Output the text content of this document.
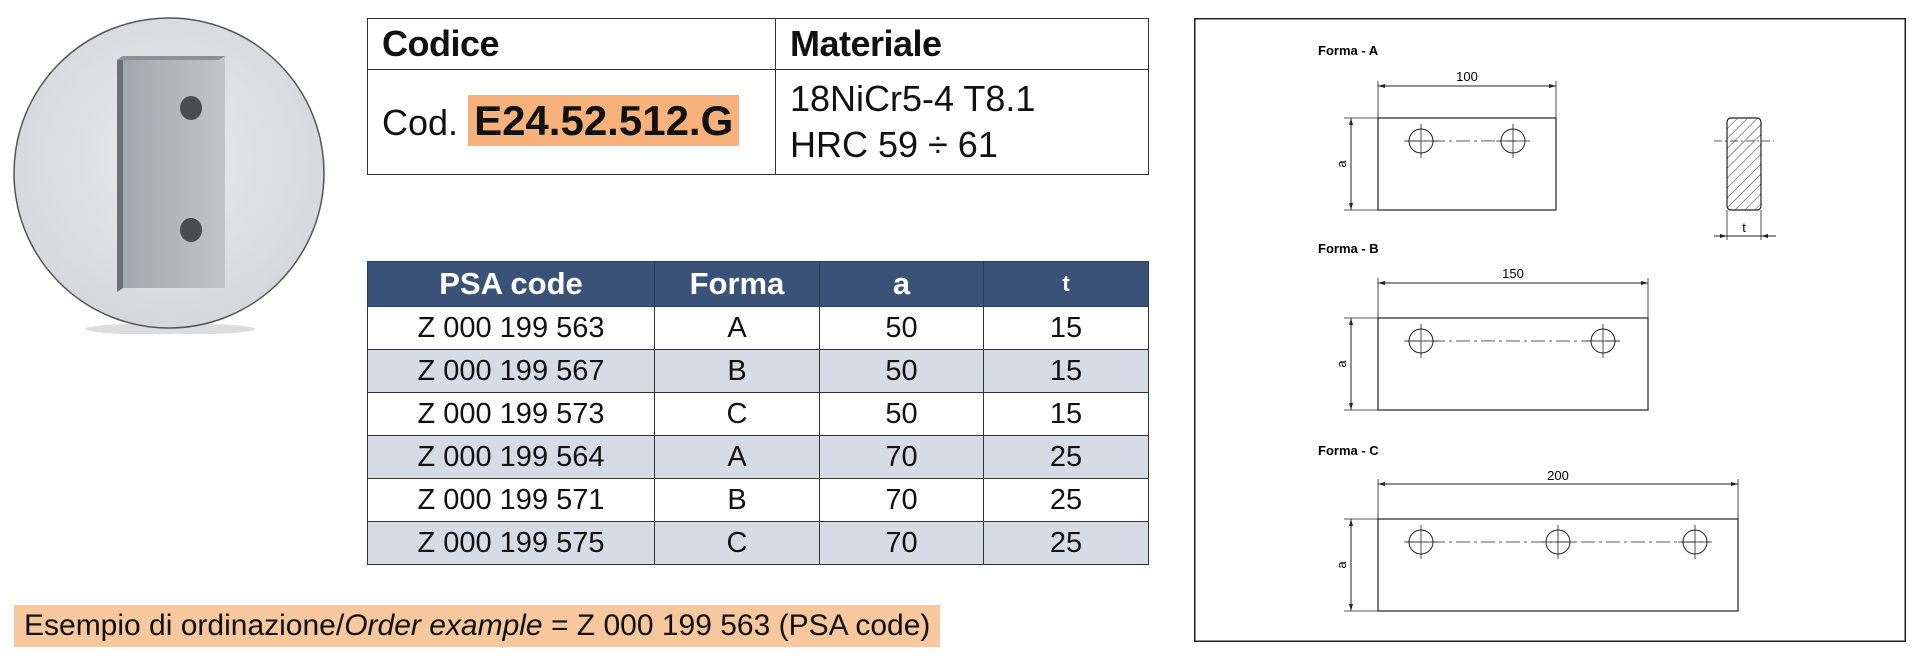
Codice	Materiale
Cod. E24.52.512.G	18NiCr5-4 T8.1
HRC 59 ÷ 61
PSA code	Forma	a	t
Z 000 199 563	A	50	15
Z 000 199 567	B	50	15
Z 000 199 573	C	50	15
Z 000 199 564	A	70	25
Z 000 199 571	B	70	25
Z 000 199 575	C	70	25
Esempio di ordinazione/Order example = Z 000 199 563 (PSA code)
Forma - A
100
a
t
Forma - B
150
a
Forma - C
200
a
